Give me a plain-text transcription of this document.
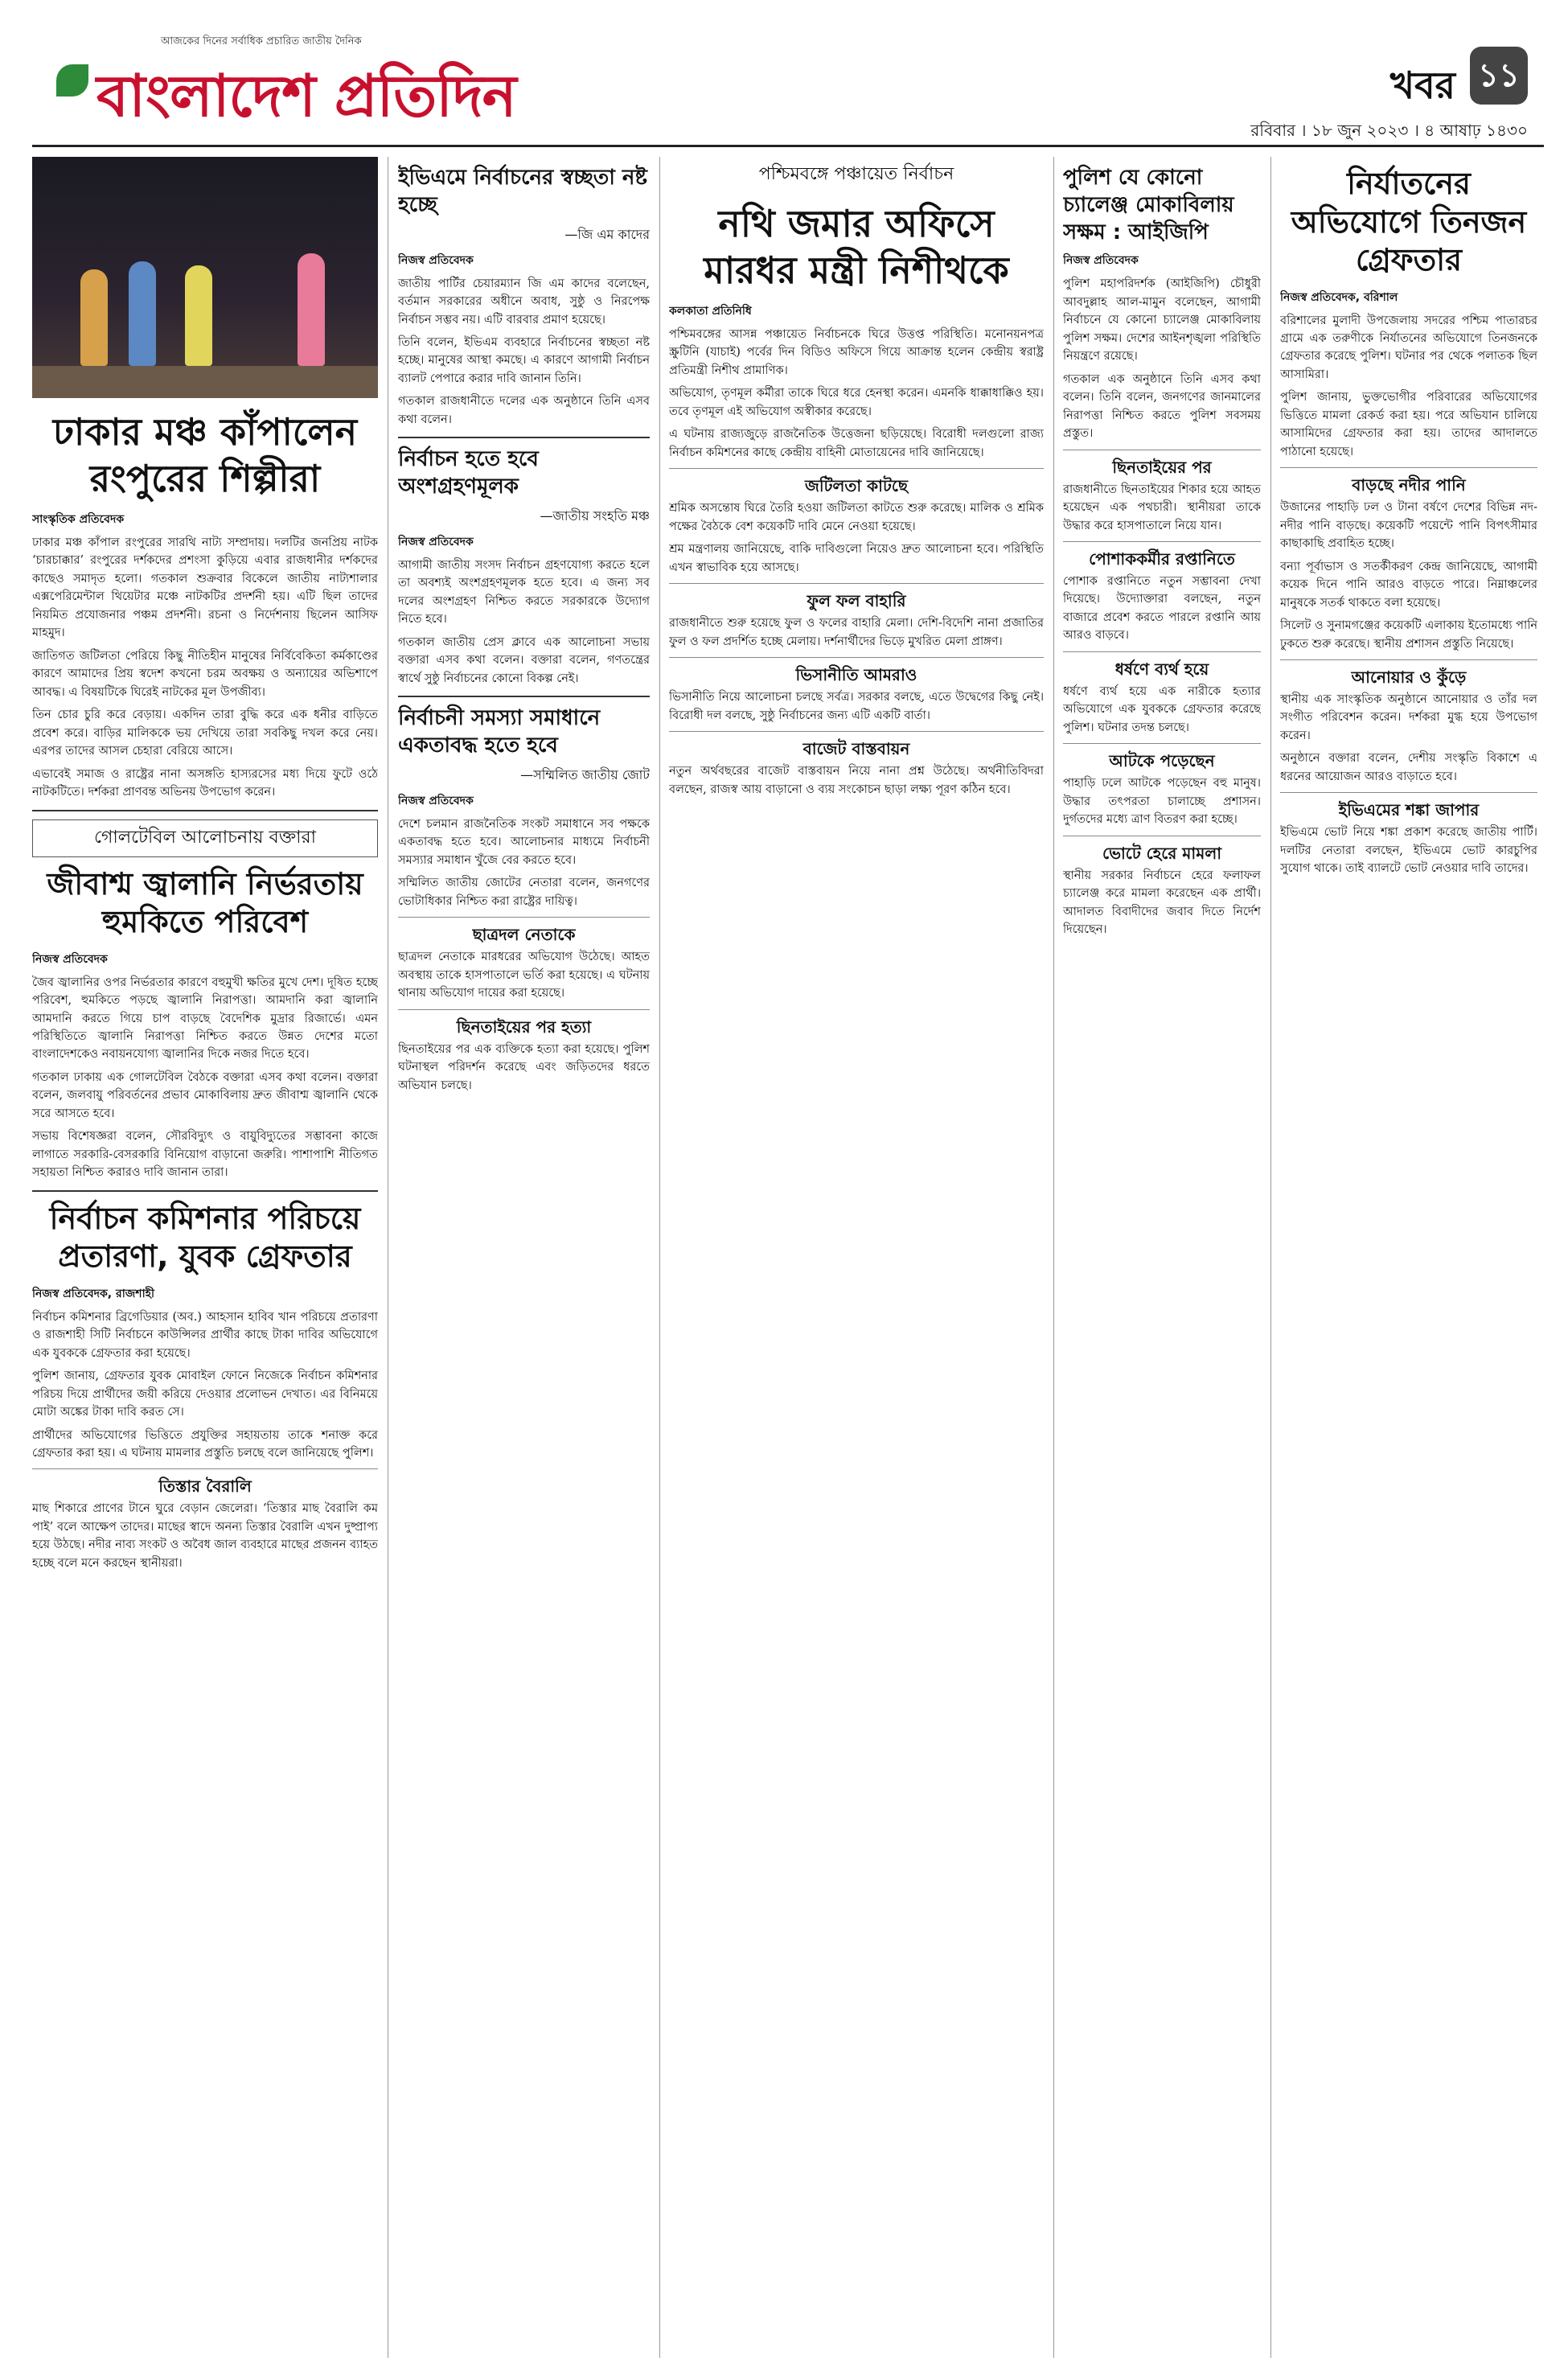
আজকের দিনের সর্বাধিক প্রচারিত জাতীয় দৈনিক
বাংলাদেশ প্রতিদিন	খবর ১১
রবিবার । ১৮ জুন ২০২৩ । ৪ আষাঢ় ১৪৩০
ঢাকার মঞ্চ কাঁপালেন রংপুরের শিল্পীরা
সাংস্কৃতিক প্রতিবেদক

ঢাকার মঞ্চ কাঁপাল রংপুরের সারথি নাট্য সম্প্রদায়। দলটির জনপ্রিয় নাটক ‘চারচাক্কার’ রংপুরের দর্শকদের প্রশংসা কুড়িয়ে এবার রাজধানীর দর্শকদের কাছেও সমাদৃত হলো। গতকাল শুক্রবার বিকেলে জাতীয় নাট্যশালার এক্সপেরিমেন্টাল থিয়েটার মঞ্চে নাটকটির প্রদর্শনী হয়। এটি ছিল তাদের নিয়মিত প্রযোজনার পঞ্চম প্রদর্শনী। রচনা ও নির্দেশনায় ছিলেন আসিফ মাহমুদ।

জাতিগত জটিলতা পেরিয়ে কিছু নীতিহীন মানুষের নির্বিবেকিতা কর্মকাণ্ডের কারণে আমাদের প্রিয় স্বদেশ কখনো চরম অবক্ষয় ও অন্যায়ের অভিশাপে আবদ্ধ। এ বিষয়টিকে ঘিরেই নাটকের মূল উপজীব্য।

তিন চোর চুরি করে বেড়ায়। একদিন তারা বুদ্ধি করে এক ধনীর বাড়িতে প্রবেশ করে। বাড়ির মালিককে ভয় দেখিয়ে তারা সবকিছু দখল করে নেয়। এরপর তাদের আসল চেহারা বেরিয়ে আসে।

এভাবেই সমাজ ও রাষ্ট্রের নানা অসঙ্গতি হাস্যরসের মধ্য দিয়ে ফুটে ওঠে নাটকটিতে। দর্শকরা প্রাণবন্ত অভিনয় উপভোগ করেন।

গোলটেবিল আলোচনায় বক্তারা
জীবাশ্ম জ্বালানি নির্ভরতায় হুমকিতে পরিবেশ
নিজস্ব প্রতিবেদক

জৈব জ্বালানির ওপর নির্ভরতার কারণে বহুমুখী ক্ষতির মুখে দেশ। দূষিত হচ্ছে পরিবেশ, হুমকিতে পড়ছে জ্বালানি নিরাপত্তা। আমদানি করা জ্বালানি আমদানি করতে গিয়ে চাপ বাড়ছে বৈদেশিক মুদ্রার রিজার্ভে। এমন পরিস্থিতিতে জ্বালানি নিরাপত্তা নিশ্চিত করতে উন্নত দেশের মতো বাংলাদেশকেও নবায়নযোগ্য জ্বালানির দিকে নজর দিতে হবে।

গতকাল ঢাকায় এক গোলটেবিল বৈঠকে বক্তারা এসব কথা বলেন। বক্তারা বলেন, জলবায়ু পরিবর্তনের প্রভাব মোকাবিলায় দ্রুত জীবাশ্ম জ্বালানি থেকে সরে আসতে হবে।

সভায় বিশেষজ্ঞরা বলেন, সৌরবিদ্যুৎ ও বায়ুবিদ্যুতের সম্ভাবনা কাজে লাগাতে সরকারি-বেসরকারি বিনিয়োগ বাড়ানো জরুরি। পাশাপাশি নীতিগত সহায়তা নিশ্চিত করারও দাবি জানান তারা।

নির্বাচন কমিশনার পরিচয়ে প্রতারণা, যুবক গ্রেফতার
নিজস্ব প্রতিবেদক, রাজশাহী

নির্বাচন কমিশনার ব্রিগেডিয়ার (অব.) আহসান হাবিব খান পরিচয়ে প্রতারণা ও রাজশাহী সিটি নির্বাচনে কাউন্সিলর প্রার্থীর কাছে টাকা দাবির অভিযোগে এক যুবককে গ্রেফতার করা হয়েছে।

পুলিশ জানায়, গ্রেফতার যুবক মোবাইল ফোনে নিজেকে নির্বাচন কমিশনার পরিচয় দিয়ে প্রার্থীদের জয়ী করিয়ে দেওয়ার প্রলোভন দেখাত। এর বিনিময়ে মোটা অঙ্কের টাকা দাবি করত সে।

প্রার্থীদের অভিযোগের ভিত্তিতে প্রযুক্তির সহায়তায় তাকে শনাক্ত করে গ্রেফতার করা হয়। এ ঘটনায় মামলার প্রস্তুতি চলছে বলে জানিয়েছে পুলিশ।

তিস্তার বৈরালি

মাছ শিকারে প্রাণের টানে ঘুরে বেড়ান জেলেরা। ‘তিস্তার মাছ বৈরালি কম পাই’ বলে আক্ষেপ তাদের। মাছের স্বাদে অনন্য তিস্তার বৈরালি এখন দুষ্প্রাপ্য হয়ে উঠছে। নদীর নাব্য সংকট ও অবৈধ জাল ব্যবহারে মাছের প্রজনন ব্যাহত হচ্ছে বলে মনে করছেন স্থানীয়রা।

ইভিএমে নির্বাচনের স্বচ্ছতা নষ্ট হচ্ছে
—জি এম কাদের
নিজস্ব প্রতিবেদক

জাতীয় পার্টির চেয়ারম্যান জি এম কাদের বলেছেন, বর্তমান সরকারের অধীনে অবাধ, সুষ্ঠু ও নিরপেক্ষ নির্বাচন সম্ভব নয়। এটি বারবার প্রমাণ হয়েছে।

তিনি বলেন, ইভিএম ব্যবহারে নির্বাচনের স্বচ্ছতা নষ্ট হচ্ছে। মানুষের আস্থা কমছে। এ কারণে আগামী নির্বাচন ব্যালট পেপারে করার দাবি জানান তিনি।

গতকাল রাজধানীতে দলের এক অনুষ্ঠানে তিনি এসব কথা বলেন।

নির্বাচন হতে হবে অংশগ্রহণমূলক
—জাতীয় সংহতি মঞ্চ
নিজস্ব প্রতিবেদক

আগামী জাতীয় সংসদ নির্বাচন গ্রহণযোগ্য করতে হলে তা অবশ্যই অংশগ্রহণমূলক হতে হবে। এ জন্য সব দলের অংশগ্রহণ নিশ্চিত করতে সরকারকে উদ্যোগ নিতে হবে।

গতকাল জাতীয় প্রেস ক্লাবে এক আলোচনা সভায় বক্তারা এসব কথা বলেন। বক্তারা বলেন, গণতন্ত্রের স্বার্থে সুষ্ঠু নির্বাচনের কোনো বিকল্প নেই।

নির্বাচনী সমস্যা সমাধানে একতাবদ্ধ হতে হবে
—সম্মিলিত জাতীয় জোট
নিজস্ব প্রতিবেদক

দেশে চলমান রাজনৈতিক সংকট সমাধানে সব পক্ষকে একতাবদ্ধ হতে হবে। আলোচনার মাধ্যমে নির্বাচনী সমস্যার সমাধান খুঁজে বের করতে হবে।

সম্মিলিত জাতীয় জোটের নেতারা বলেন, জনগণের ভোটাধিকার নিশ্চিত করা রাষ্ট্রের দায়িত্ব।

ছাত্রদল নেতাকে

ছাত্রদল নেতাকে মারধরের অভিযোগ উঠেছে। আহত অবস্থায় তাকে হাসপাতালে ভর্তি করা হয়েছে। এ ঘটনায় থানায় অভিযোগ দায়ের করা হয়েছে।

ছিনতাইয়ের পর হত্যা

ছিনতাইয়ের পর এক ব্যক্তিকে হত্যা করা হয়েছে। পুলিশ ঘটনাস্থল পরিদর্শন করেছে এবং জড়িতদের ধরতে অভিযান চলছে।

পশ্চিমবঙ্গে পঞ্চায়েত নির্বাচন
নথি জমার অফিসে মারধর মন্ত্রী নিশীথকে
কলকাতা প্রতিনিধি

পশ্চিমবঙ্গের আসন্ন পঞ্চায়েত নির্বাচনকে ঘিরে উত্তপ্ত পরিস্থিতি। মনোনয়নপত্র স্ক্রুটিনি (যাচাই) পর্বের দিন বিডিও অফিসে গিয়ে আক্রান্ত হলেন কেন্দ্রীয় স্বরাষ্ট্র প্রতিমন্ত্রী নিশীথ প্রামাণিক।

অভিযোগ, তৃণমূল কর্মীরা তাকে ঘিরে ধরে হেনস্থা করেন। এমনকি ধাক্কাধাক্কিও হয়। তবে তৃণমূল এই অভিযোগ অস্বীকার করেছে।

এ ঘটনায় রাজ্যজুড়ে রাজনৈতিক উত্তেজনা ছড়িয়েছে। বিরোধী দলগুলো রাজ্য নির্বাচন কমিশনের কাছে কেন্দ্রীয় বাহিনী মোতায়েনের দাবি জানিয়েছে।

জটিলতা কাটছে

শ্রমিক অসন্তোষ ঘিরে তৈরি হওয়া জটিলতা কাটতে শুরু করেছে। মালিক ও শ্রমিক পক্ষের বৈঠকে বেশ কয়েকটি দাবি মেনে নেওয়া হয়েছে।

শ্রম মন্ত্রণালয় জানিয়েছে, বাকি দাবিগুলো নিয়েও দ্রুত আলোচনা হবে। পরিস্থিতি এখন স্বাভাবিক হয়ে আসছে।

ফুল ফল বাহারি

রাজধানীতে শুরু হয়েছে ফুল ও ফলের বাহারি মেলা। দেশি-বিদেশি নানা প্রজাতির ফুল ও ফল প্রদর্শিত হচ্ছে মেলায়। দর্শনার্থীদের ভিড়ে মুখরিত মেলা প্রাঙ্গণ।

ভিসানীতি আমরাও

ভিসানীতি নিয়ে আলোচনা চলছে সর্বত্র। সরকার বলছে, এতে উদ্বেগের কিছু নেই। বিরোধী দল বলছে, সুষ্ঠু নির্বাচনের জন্য এটি একটি বার্তা।

বাজেট বাস্তবায়ন

নতুন অর্থবছরের বাজেট বাস্তবায়ন নিয়ে নানা প্রশ্ন উঠেছে। অর্থনীতিবিদরা বলছেন, রাজস্ব আয় বাড়ানো ও ব্যয় সংকোচন ছাড়া লক্ষ্য পূরণ কঠিন হবে।

পুলিশ যে কোনো চ্যালেঞ্জ মোকাবিলায় সক্ষম : আইজিপি
নিজস্ব প্রতিবেদক

পুলিশ মহাপরিদর্শক (আইজিপি) চৌধুরী আবদুল্লাহ আল-মামুন বলেছেন, আগামী নির্বাচনে যে কোনো চ্যালেঞ্জ মোকাবিলায় পুলিশ সক্ষম। দেশের আইনশৃঙ্খলা পরিস্থিতি নিয়ন্ত্রণে রয়েছে।

গতকাল এক অনুষ্ঠানে তিনি এসব কথা বলেন। তিনি বলেন, জনগণের জানমালের নিরাপত্তা নিশ্চিত করতে পুলিশ সবসময় প্রস্তুত।

ছিনতাইয়ের পর

রাজধানীতে ছিনতাইয়ের শিকার হয়ে আহত হয়েছেন এক পথচারী। স্থানীয়রা তাকে উদ্ধার করে হাসপাতালে নিয়ে যান।

পোশাককর্মীর রপ্তানিতে

পোশাক রপ্তানিতে নতুন সম্ভাবনা দেখা দিয়েছে। উদ্যোক্তারা বলছেন, নতুন বাজারে প্রবেশ করতে পারলে রপ্তানি আয় আরও বাড়বে।

ধর্ষণে ব্যর্থ হয়ে

ধর্ষণে ব্যর্থ হয়ে এক নারীকে হত্যার অভিযোগে এক যুবককে গ্রেফতার করেছে পুলিশ। ঘটনার তদন্ত চলছে।

আটকে পড়েছেন

পাহাড়ি ঢলে আটকে পড়েছেন বহু মানুষ। উদ্ধার তৎপরতা চালাচ্ছে প্রশাসন। দুর্গতদের মধ্যে ত্রাণ বিতরণ করা হচ্ছে।

ভোটে হেরে মামলা

স্থানীয় সরকার নির্বাচনে হেরে ফলাফল চ্যালেঞ্জ করে মামলা করেছেন এক প্রার্থী। আদালত বিবাদীদের জবাব দিতে নির্দেশ দিয়েছেন।

নির্যাতনের অভিযোগে তিনজন গ্রেফতার
নিজস্ব প্রতিবেদক, বরিশাল

বরিশালের মুলাদী উপজেলায় সদরের পশ্চিম পাতারচর গ্রামে এক তরুণীকে নির্যাতনের অভিযোগে তিনজনকে গ্রেফতার করেছে পুলিশ। ঘটনার পর থেকে পলাতক ছিল আসামিরা।

পুলিশ জানায়, ভুক্তভোগীর পরিবারের অভিযোগের ভিত্তিতে মামলা রেকর্ড করা হয়। পরে অভিযান চালিয়ে আসামিদের গ্রেফতার করা হয়। তাদের আদালতে পাঠানো হয়েছে।

বাড়ছে নদীর পানি

উজানের পাহাড়ি ঢল ও টানা বর্ষণে দেশের বিভিন্ন নদ-নদীর পানি বাড়ছে। কয়েকটি পয়েন্টে পানি বিপৎসীমার কাছাকাছি প্রবাহিত হচ্ছে।

বন্যা পূর্বাভাস ও সতর্কীকরণ কেন্দ্র জানিয়েছে, আগামী কয়েক দিনে পানি আরও বাড়তে পারে। নিম্নাঞ্চলের মানুষকে সতর্ক থাকতে বলা হয়েছে।

সিলেট ও সুনামগঞ্জের কয়েকটি এলাকায় ইতোমধ্যে পানি ঢুকতে শুরু করেছে। স্থানীয় প্রশাসন প্রস্তুতি নিয়েছে।

আনোয়ার ও কুঁড়ে

স্থানীয় এক সাংস্কৃতিক অনুষ্ঠানে আনোয়ার ও তাঁর দল সংগীত পরিবেশন করেন। দর্শকরা মুগ্ধ হয়ে উপভোগ করেন।

অনুষ্ঠানে বক্তারা বলেন, দেশীয় সংস্কৃতি বিকাশে এ ধরনের আয়োজন আরও বাড়াতে হবে।

ইভিএমের শঙ্কা জাপার

ইভিএমে ভোট নিয়ে শঙ্কা প্রকাশ করেছে জাতীয় পার্টি। দলটির নেতারা বলছেন, ইভিএমে ভোট কারচুপির সুযোগ থাকে। তাই ব্যালটে ভোট নেওয়ার দাবি তাদের।
